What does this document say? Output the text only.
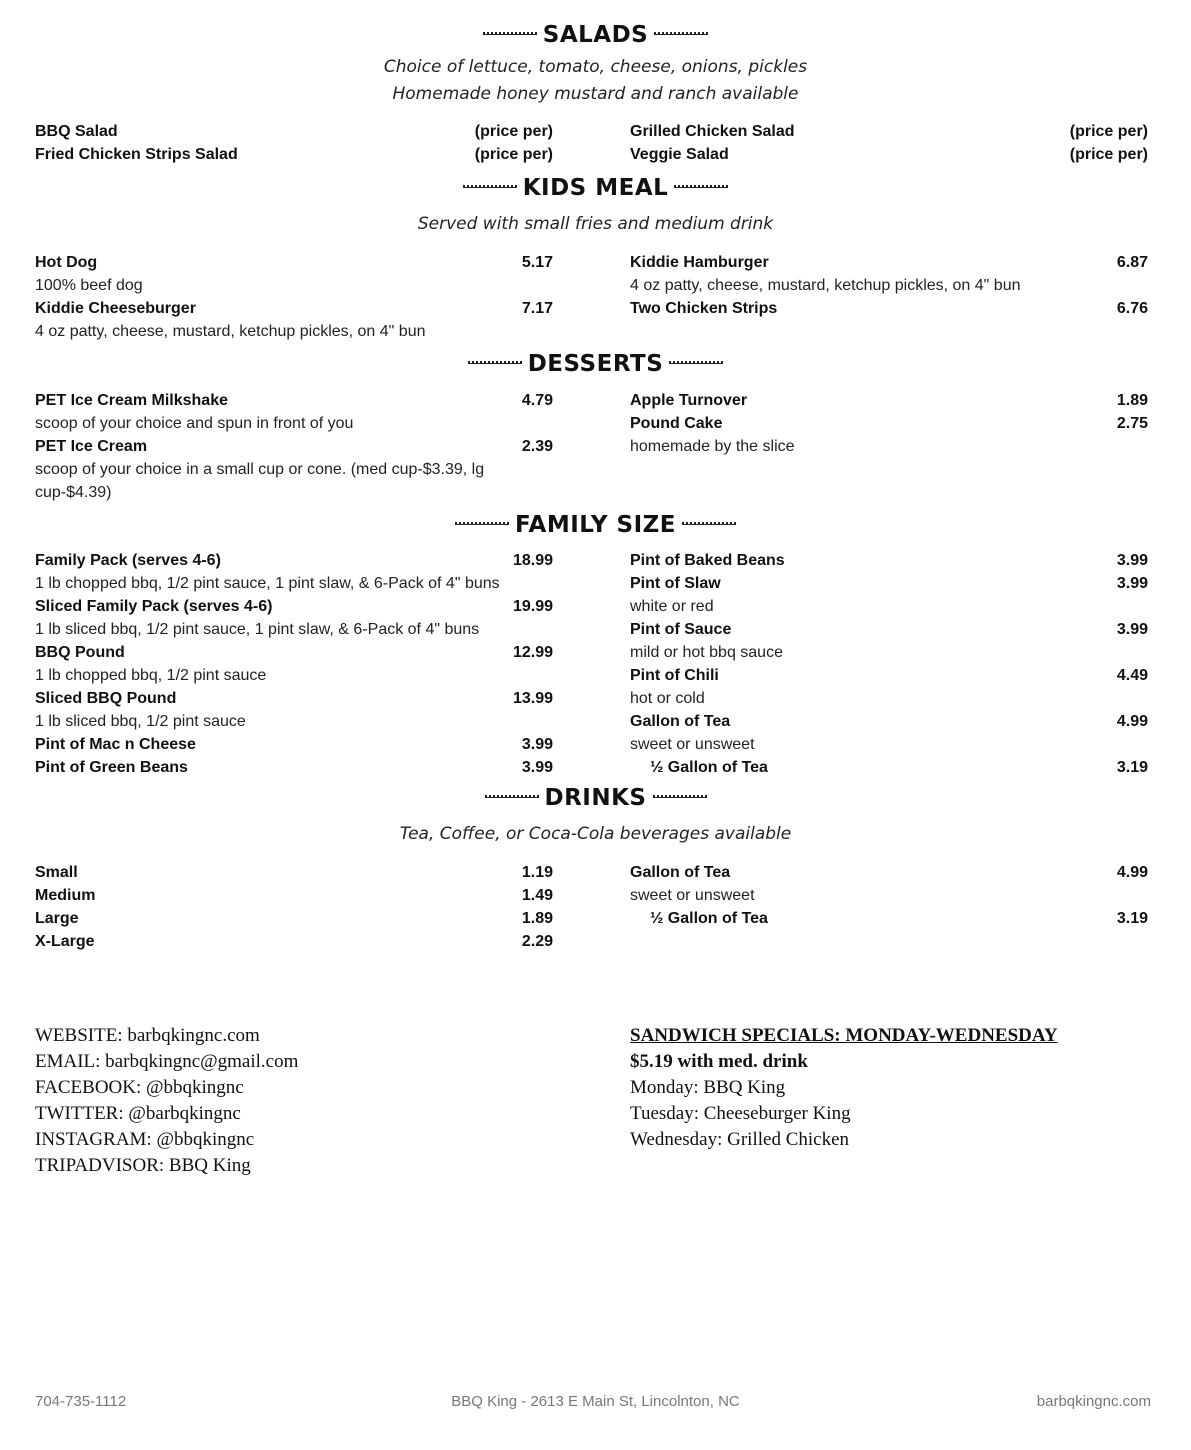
SALADS
Choice of lettuce, tomato, cheese, onions, pickles
Homemade honey mustard and ranch available
BBQ Salad	(price per)
Fried Chicken Strips Salad	(price per)
Grilled Chicken Salad	(price per)
Veggie Salad	(price per)
KIDS MEAL
Served with small fries and medium drink
Hot Dog	5.17
100% beef dog
Kiddie Cheeseburger	7.17
4 oz patty, cheese, mustard, ketchup pickles, on 4" bun
Kiddie Hamburger	6.87
4 oz patty, cheese, mustard, ketchup pickles, on 4" bun
Two Chicken Strips	6.76
DESSERTS
PET Ice Cream Milkshake	4.79
scoop of your choice and spun in front of you
PET Ice Cream	2.39
scoop of your choice in a small cup or cone. (med cup-$3.39, lg cup-$4.39)
Apple Turnover	1.89
Pound Cake	2.75
homemade by the slice
FAMILY SIZE
Family Pack (serves 4-6)	18.99
1 lb chopped bbq, 1/2 pint sauce, 1 pint slaw, & 6-Pack of 4" buns
Sliced Family Pack (serves 4-6)	19.99
1 lb sliced bbq, 1/2 pint sauce, 1 pint slaw, & 6-Pack of 4" buns
BBQ Pound	12.99
1 lb chopped bbq, 1/2 pint sauce
Sliced BBQ Pound	13.99
1 lb sliced bbq, 1/2 pint sauce
Pint of Mac n Cheese	3.99
Pint of Green Beans	3.99
Pint of Baked Beans	3.99
Pint of Slaw	3.99
white or red
Pint of Sauce	3.99
mild or hot bbq sauce
Pint of Chili	4.49
hot or cold
Gallon of Tea	4.99
sweet or unsweet
½ Gallon of Tea	3.19
DRINKS
Tea, Coffee, or Coca-Cola beverages available
Small	1.19
Medium	1.49
Large	1.89
X-Large	2.29
Gallon of Tea	4.99
sweet or unsweet
½ Gallon of Tea	3.19
WEBSITE: barbqkingnc.com
EMAIL: barbqkingnc@gmail.com
FACEBOOK: @bbqkingnc
TWITTER: @barbqkingnc
INSTAGRAM: @bbqkingnc
TRIPADVISOR: BBQ King
SANDWICH SPECIALS: MONDAY-WEDNESDAY
$5.19 with med. drink
Monday: BBQ King
Tuesday: Cheeseburger King
Wednesday: Grilled Chicken
704-735-1112	BBQ King - 2613 E Main St, Lincolnton, NC	barbqkingnc.com
